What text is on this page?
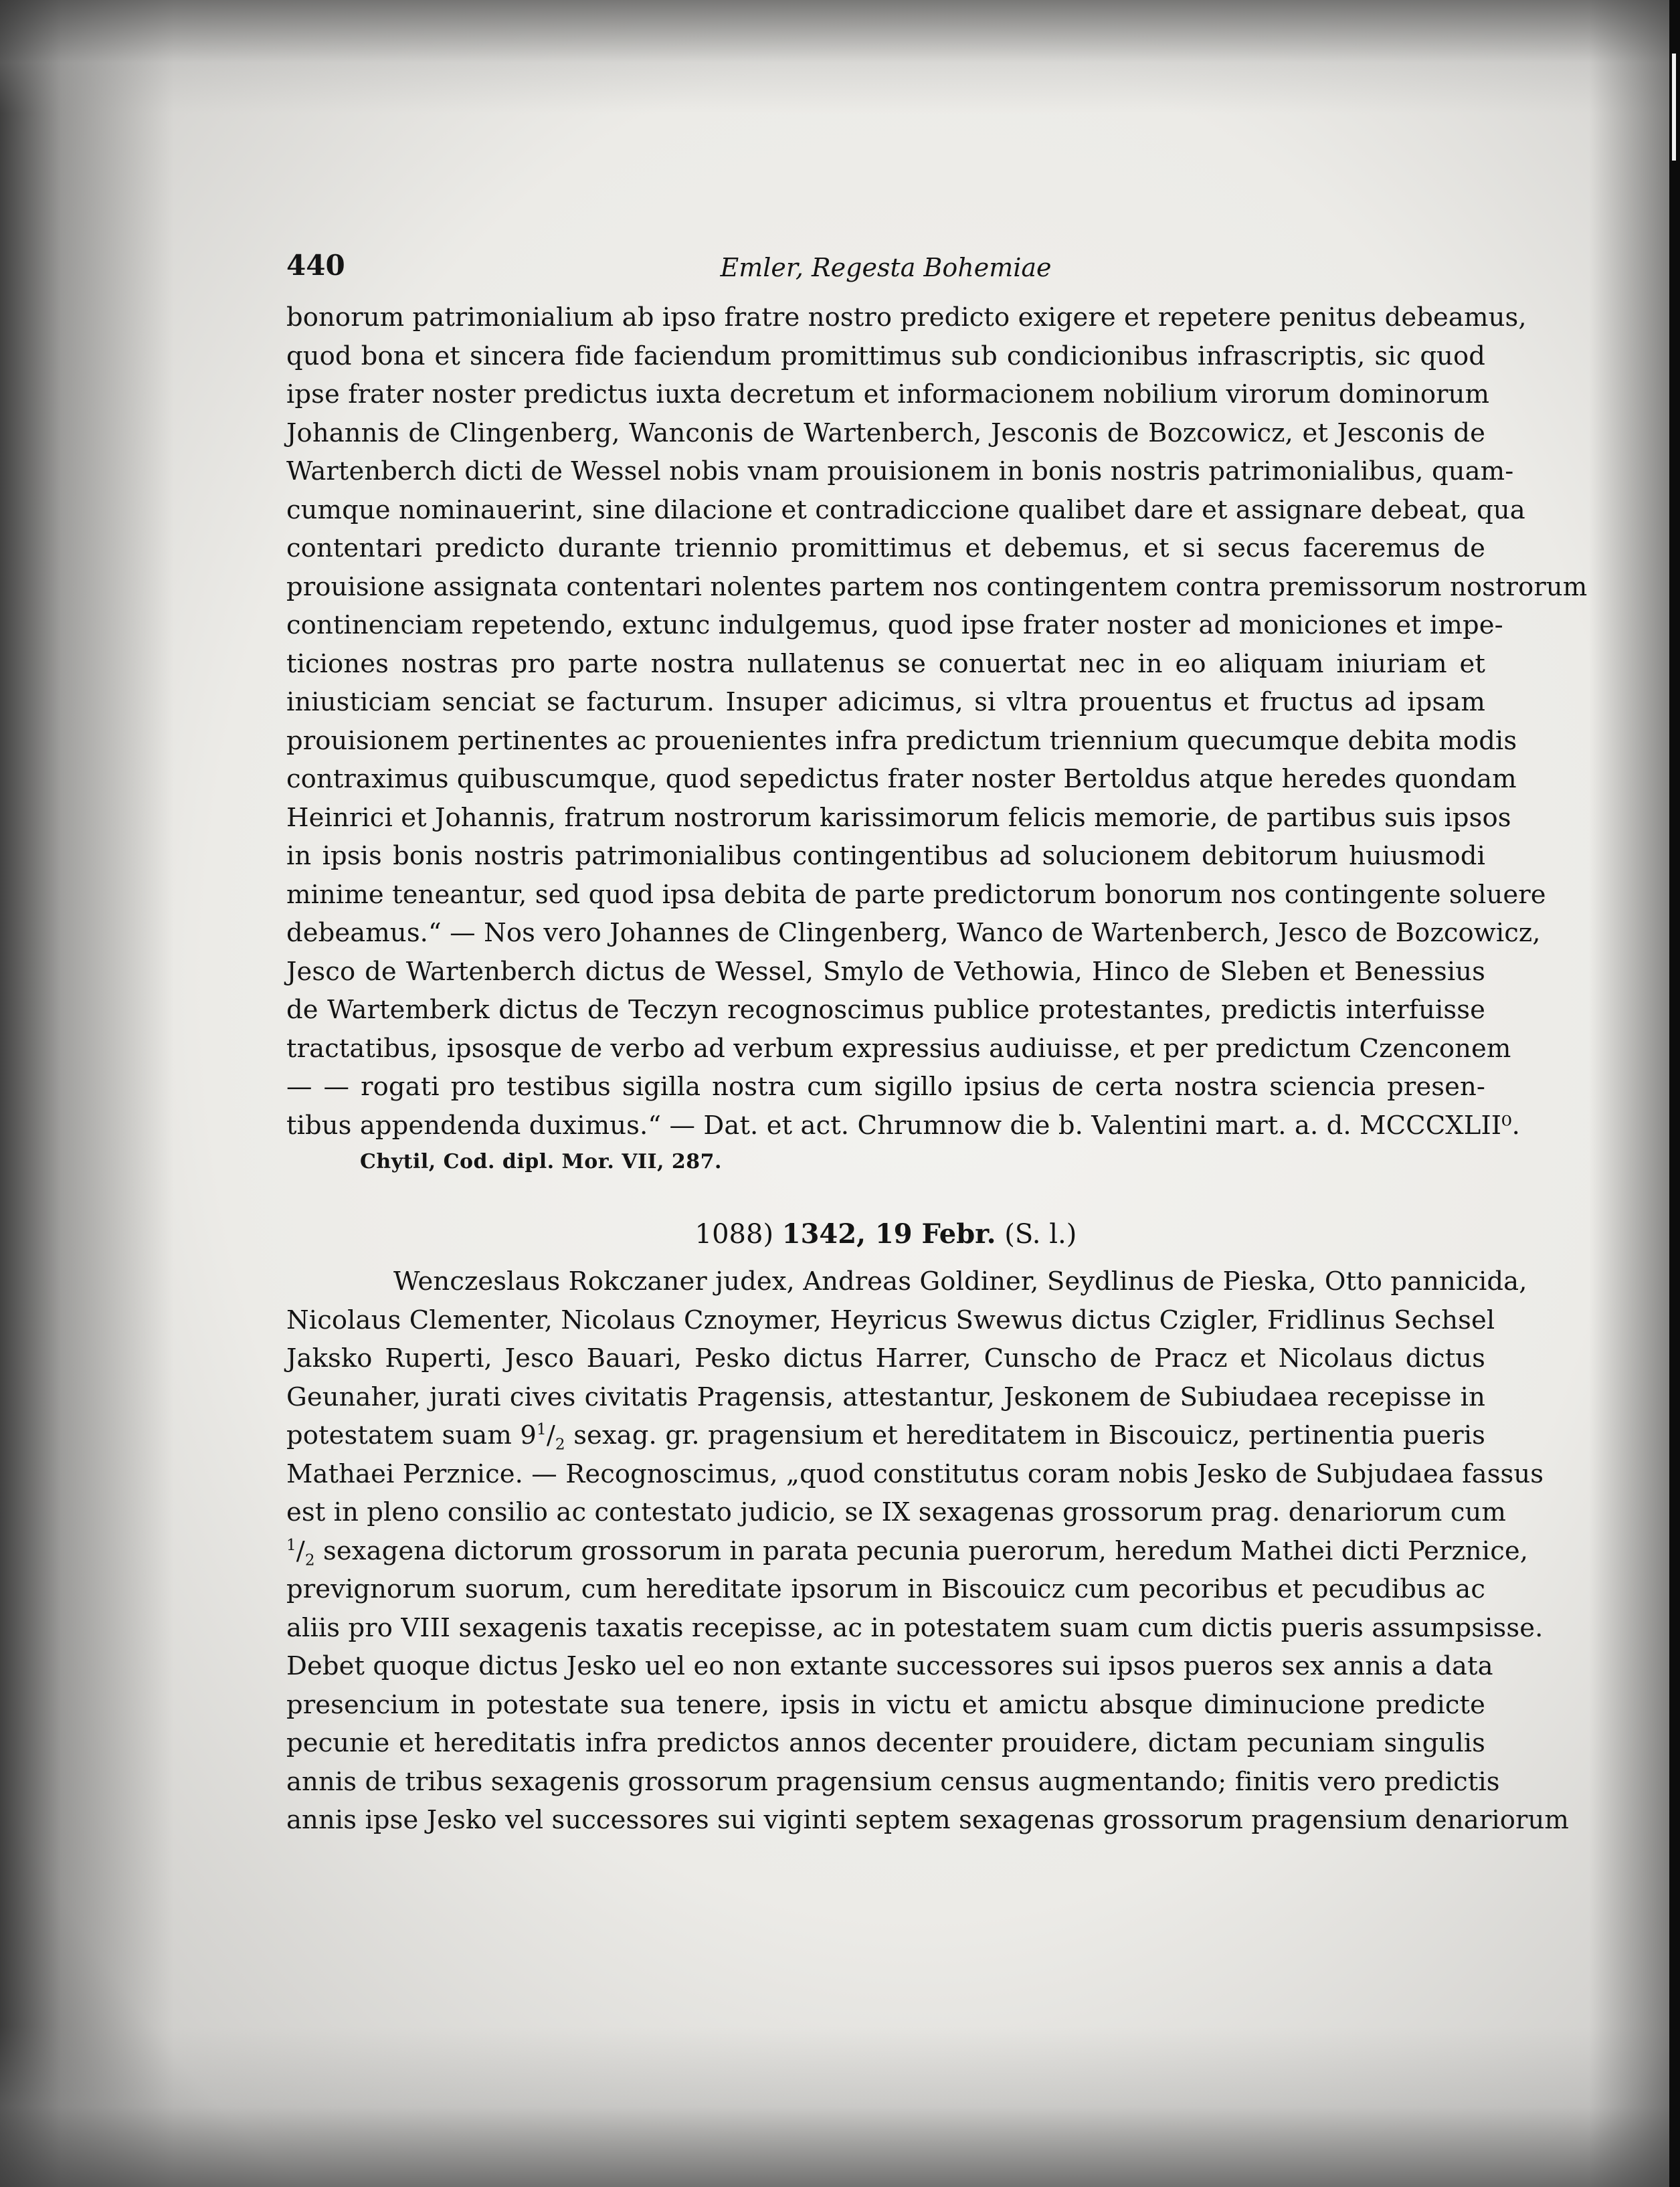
440	Emler, Regesta Bohemiae
bonorum patrimonialium ab ipso fratre nostro predicto exigere et repetere penitus debeamus,
quod bona et sincera fide faciendum promittimus sub condicionibus infrascriptis, sic quod
ipse frater noster predictus iuxta decretum et informacionem nobilium virorum dominorum
Johannis de Clingenberg, Wanconis de Wartenberch, Jesconis de Bozcowicz, et Jesconis de
Wartenberch dicti de Wessel nobis vnam prouisionem in bonis nostris patrimonialibus, quam-
cumque nominauerint, sine dilacione et contradiccione qualibet dare et assignare debeat, qua
contentari predicto durante triennio promittimus et debemus, et si secus faceremus de
prouisione assignata contentari nolentes partem nos contingentem contra premissorum nostrorum
continenciam repetendo, extunc indulgemus, quod ipse frater noster ad moniciones et impe-
ticiones nostras pro parte nostra nullatenus se conuertat nec in eo aliquam iniuriam et
iniusticiam senciat se facturum. Insuper adicimus, si vltra prouentus et fructus ad ipsam
prouisionem pertinentes ac prouenientes infra predictum triennium quecumque debita modis
contraximus quibuscumque, quod sepedictus frater noster Bertoldus atque heredes quondam
Heinrici et Johannis, fratrum nostrorum karissimorum felicis memorie, de partibus suis ipsos
in ipsis bonis nostris patrimonialibus contingentibus ad solucionem debitorum huiusmodi
minime teneantur, sed quod ipsa debita de parte predictorum bonorum nos contingente soluere
debeamus.“ — Nos vero Johannes de Clingenberg, Wanco de Wartenberch, Jesco de Bozcowicz,
Jesco de Wartenberch dictus de Wessel, Smylo de Vethowia, Hinco de Sleben et Benessius
de Wartemberk dictus de Teczyn recognoscimus publice protestantes, predictis interfuisse
tractatibus, ipsosque de verbo ad verbum expressius audiuisse, et per predictum Czenconem
— — rogati pro testibus sigilla nostra cum sigillo ipsius de certa nostra sciencia presen-
tibus appendenda duximus.“ — Dat. et act. Chrumnow die b. Valentini mart. a. d. MCCCXLII⁰.
Chytil, Cod. dipl. Mor. VII, 287.
1088) 1342, 19 Febr. (S. l.)
Wenczeslaus Rokczaner judex, Andreas Goldiner, Seydlinus de Pieska, Otto pannicida,
Nicolaus Clementer, Nicolaus Cznoymer, Heyricus Swewus dictus Czigler, Fridlinus Sechsel
Jaksko Ruperti, Jesco Bauari, Pesko dictus Harrer, Cunscho de Pracz et Nicolaus dictus
Geunaher, jurati cives civitatis Pragensis, attestantur, Jeskonem de Subiudaea recepisse in
potestatem suam $9^1/_2$ sexag. gr. pragensium et hereditatem in Biscouicz, pertinentia pueris
Mathaei Perznice. — Recognoscimus, „quod constitutus coram nobis Jesko de Subjudaea fassus
est in pleno consilio ac contestato judicio, se IX sexagenas grossorum prag. denariorum cum
$^1/_2$ sexagena dictorum grossorum in parata pecunia puerorum, heredum Mathei dicti Perznice,
prevignorum suorum, cum hereditate ipsorum in Biscouicz cum pecoribus et pecudibus ac
aliis pro VIII sexagenis taxatis recepisse, ac in potestatem suam cum dictis pueris assumpsisse.
Debet quoque dictus Jesko uel eo non extante successores sui ipsos pueros sex annis a data
presencium in potestate sua tenere, ipsis in victu et amictu absque diminucione predicte
pecunie et hereditatis infra predictos annos decenter prouidere, dictam pecuniam singulis
annis de tribus sexagenis grossorum pragensium census augmentando; finitis vero predictis
annis ipse Jesko vel successores sui viginti septem sexagenas grossorum pragensium denariorum
